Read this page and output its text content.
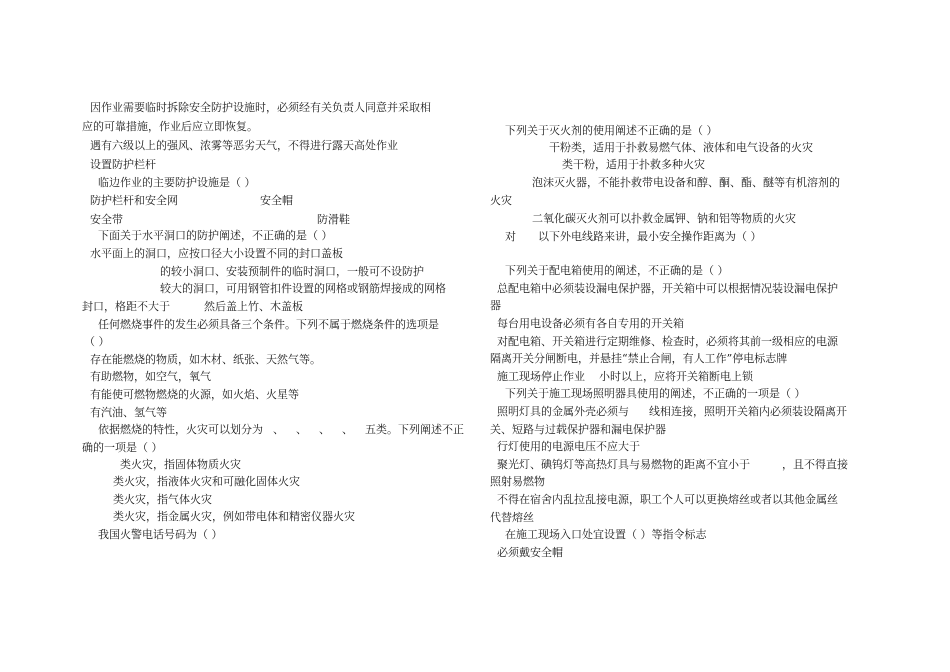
因作业需要临时拆除安全防护设施时，必须经有关负责人同意并采取相
应的可靠措施，作业后应立即恢复。
遇有六级以上的强风、浓雾等恶劣天气，不得进行露天高处作业
设置防护栏杆
临边作业的主要防护设施是（ ）
防护栏杆和安全网	安全帽
安全带	防滑鞋
下面关于水平洞口的防护阐述，不正确的是（ ）
水平面上的洞口，应按口径大小设置不同的封口盖板
的较小洞口、安装预制件的临时洞口，一般可不设防护
较大的洞口，可用钢管扣件设置的网格或钢筋焊接成的网格
封口，格距不大于	然后盖上竹、木盖板
任何燃烧事件的发生必须具备三个条件。下列不属于燃烧条件的选项是
（ ）
存在能燃烧的物质，如木材、纸张、天然气等。
有助燃物，如空气，氧气
有能使可燃物燃烧的火源，如火焰、火星等
有汽油、氢气等
依据燃烧的特性，火灾可以划分为 、 、 、 、 五类。下列阐述不正
确的一项是（ ）
类火灾，指固体物质火灾
类火灾，指液体火灾和可融化固体火灾
类火灾，指气体火灾
类火灾，指金属火灾，例如带电体和精密仪器火灾
我国火警电话号码为（ ）
下列关于灭火剂的使用阐述不正确的是（ ）
干粉类，适用于扑救易燃气体、液体和电气设备的火灾
类干粉，适用于扑救多种火灾
泡沫灭火器，不能扑救带电设备和醇、酮、酯、醚等有机溶剂的
火灾
二氧化碳灭火剂可以扑救金属钾、钠和铝等物质的火灾
对 以下外电线路来讲，最小安全操作距离为（ ）
下列关于配电箱使用的阐述，不正确的是（ ）
总配电箱中必须装设漏电保护器，开关箱中可以根据情况装设漏电保护
器
每台用电设备必须有各自专用的开关箱
对配电箱、开关箱进行定期维修、检查时，必须将其前一级相应的电源
隔离开关分闸断电，并悬挂“禁止合闸，有人工作”停电标志牌
施工现场停止作业 小时以上，应将开关箱断电上锁
下列关于施工现场照明器具使用的阐述，不正确的一项是（ ）
照明灯具的金属外壳必须与 线相连接，照明开关箱内必须装设隔离开
关、短路与过载保护器和漏电保护器
行灯使用的电源电压不应大于
聚光灯、碘钨灯等高热灯具与易燃物的距离不宜小于	，且不得直接
照射易燃物
不得在宿舍内乱拉乱接电源，职工个人可以更换熔丝或者以其他金属丝
代替熔丝
在施工现场入口处宜设置（ ）等指令标志
必须戴安全帽
